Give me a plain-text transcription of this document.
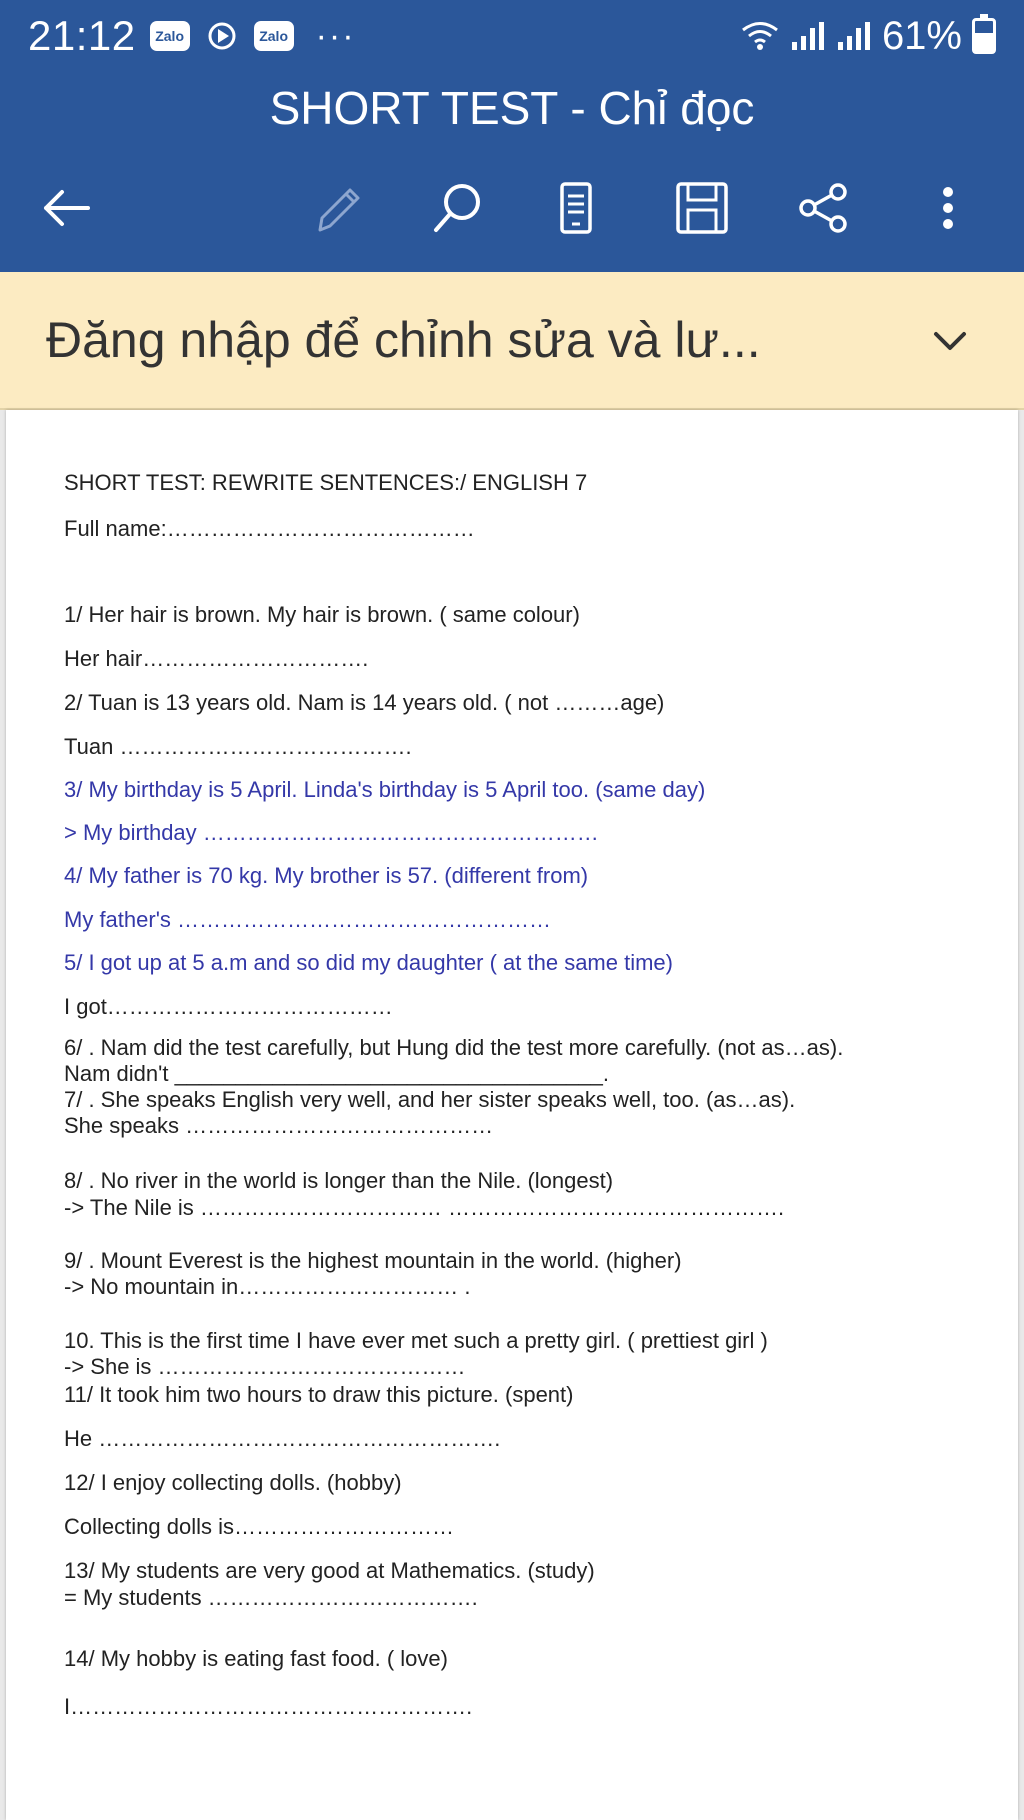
21:12	Zalo	Zalo ···	61%
SHORT TEST - Chỉ đọc
Đăng nhập để chỉnh sửa và lư...
SHORT TEST: REWRITE SENTENCES:/ ENGLISH 7
Full name:……………………………………
1/ Her hair is brown. My hair is brown. ( same colour)
Her hair………………………….
2/ Tuan is 13 years old. Nam is 14 years old. ( not ………age)
Tuan ………………………………….
3/ My birthday is 5 April. Linda's birthday is 5 April too. (same day)
> My birthday ………………………………………………
4/ My father is 70 kg. My brother is 57. (different from)
My father's ……………………………………………
5/ I got up at 5 a.m and so did my daughter ( at the same time)
I got…………………………………
6/ . Nam did the test carefully, but Hung did the test more carefully. (not as…as).
Nam didn't ___________________________________.
7/ . She speaks English very well, and her sister speaks well, too. (as…as).
She speaks ……………………………………
8/ . No river in the world is longer than the Nile. (longest)
-> The Nile is …………………………… ……………………………………….
9/ . Mount Everest is the highest mountain in the world. (higher)
-> No mountain in………………………… .
10. This is the first time I have ever met such a pretty girl. ( prettiest girl )
-> She is ……………………………………
11/ It took him two hours to draw this picture. (spent)
He ……………………………………………….
12/ I enjoy collecting dolls. (hobby)
Collecting dolls is…………………………
13/ My students are very good at Mathematics. (study)
= My students ……………………………….
14/ My hobby is eating fast food. ( love)
I……………………………………………….
